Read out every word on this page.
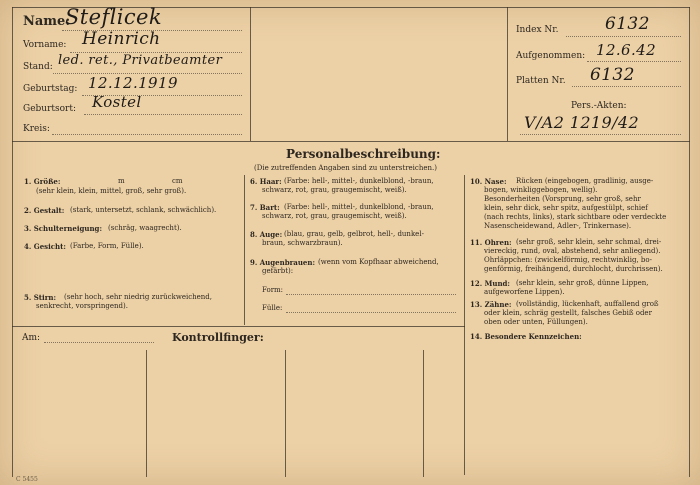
Name:
Steflicek
Vorname: Heinrich
Stand: led. ret., Privatbeamter
Geburtstag: 12.12.1919
Geburtsort: Kostel
Kreis:
Index Nr.	6132
Aufgenommen: 12.6.42
Platten Nr. 6132
Pers.-Akten:
V/A2 1219/42
Personalbeschreibung:
(Die zutreffenden Angaben sind zu unterstreichen.)
1. Größe:	m	cm
(sehr klein, klein, mittel, groß, sehr groß).
2. Gestalt: (stark, untersetzt, schlank, schwächlich).
3. Schulterneigung: (schräg, waagrecht).
4. Gesicht: (Farbe, Form, Fülle).
5. Stirn: (sehr hoch, sehr niedrig zurückweichend,
senkrecht, vorspringend).
6. Haar: (Farbe: hell-, mittel-, dunkelblond, -braun,
schwarz, rot, grau, graugemischt, weiß).
7. Bart: (Farbe: hell-, mittel-, dunkelblond, -braun,
schwarz, rot, grau, graugemischt, weiß).
8. Auge: (blau, grau, gelb, gelbrot, hell-, dunkel-
braun, schwarzbraun).
9. Augenbrauen: (wenn vom Kopfhaar abweichend,
gefärbt):
Form:
Fülle:
10. Nase: Rücken (eingebogen, gradlinig, ausge-
bogen, winkliggebogen, wellig).
Besonderheiten (Vorsprung, sehr groß, sehr
klein, sehr dick, sehr spitz, aufgestülpt, schief
(nach rechts, links), stark sichtbare oder verdeckte
Nasenscheidewand, Adler-, Trinkernase).
11. Ohren: (sehr groß, sehr klein, sehr schmal, drei-
viereckig, rund, oval, abstehend, sehr anliegend).
Ohrläppchen: (zwickelförmig, rechtwinklig, bo-
genförmig, freihängend, durchlocht, durchrissen).
12. Mund: (sehr klein, sehr groß, dünne Lippen,
aufgeworfene Lippen).
13. Zähne: (vollständig, lückenhaft, auffallend groß
oder klein, schräg gestellt, falsches Gebiß oder
oben oder unten, Füllungen).
14. Besondere Kennzeichen:
Am:	Kontrollfinger:
C 5455
